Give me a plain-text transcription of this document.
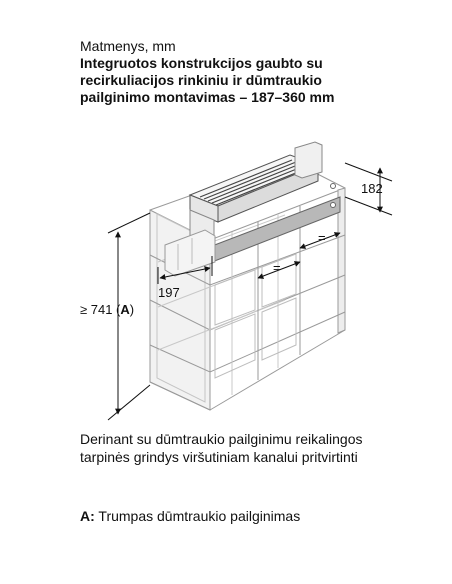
Matmenys, mm
Integruotos konstrukcijos gaubto su
recirkuliacijos rinkiniu ir dūmtraukio
pailginimo montavimas – 187–360 mm
182
197
=
=
≥ 741 (A)
Derinant su dūmtraukio pailginimu reikalingos
tarpinės grindys viršutiniam kanalui pritvirtinti
A: Trumpas dūmtraukio pailginimas
